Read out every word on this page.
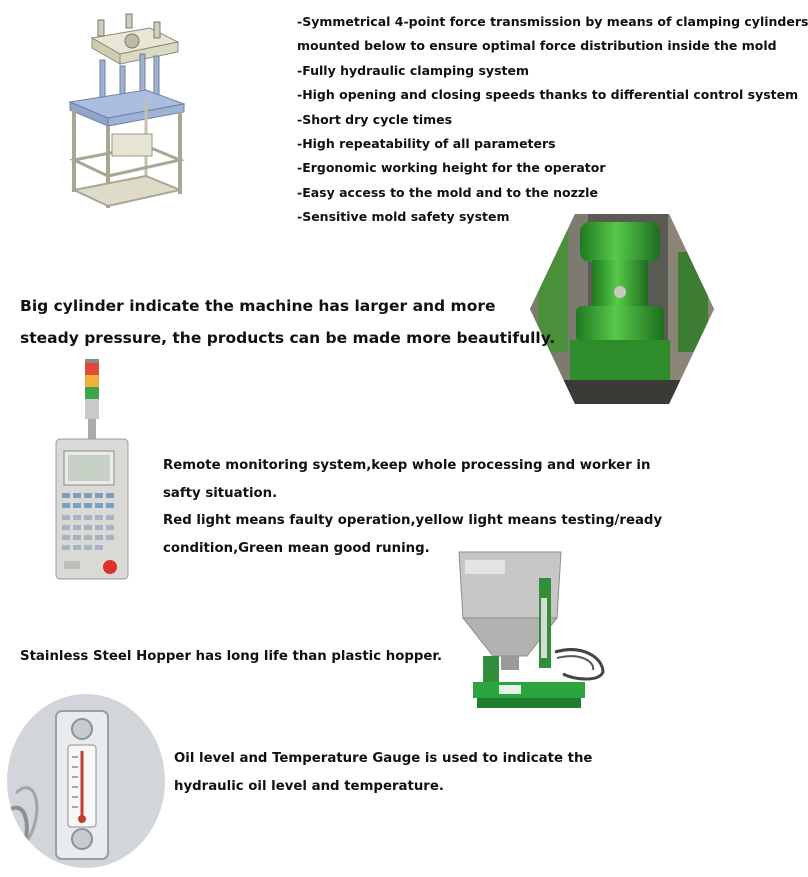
-Symmetrical 4-point force transmission by means of clamping cylinders

mounted below to ensure optimal force distribution inside the mold

-Fully hydraulic clamping system

-High opening and closing speeds thanks to differential control system

-Short dry cycle times

-High repeatability of all parameters

-Ergonomic working height for the operator

-Easy access to the mold and to the nozzle

-Sensitive mold safety system

Big cylinder indicate the machine has larger and more
steady pressure, the products can be made more beautifully.
Remote monitoring system,keep whole processing and worker in
safty situation.
Red light means faulty operation,yellow light means testing/ready
condition,Green mean good runing.
Stainless Steel Hopper has long life than plastic hopper.
Oil level and Temperature Gauge is used to indicate the
hydraulic oil level and temperature.
